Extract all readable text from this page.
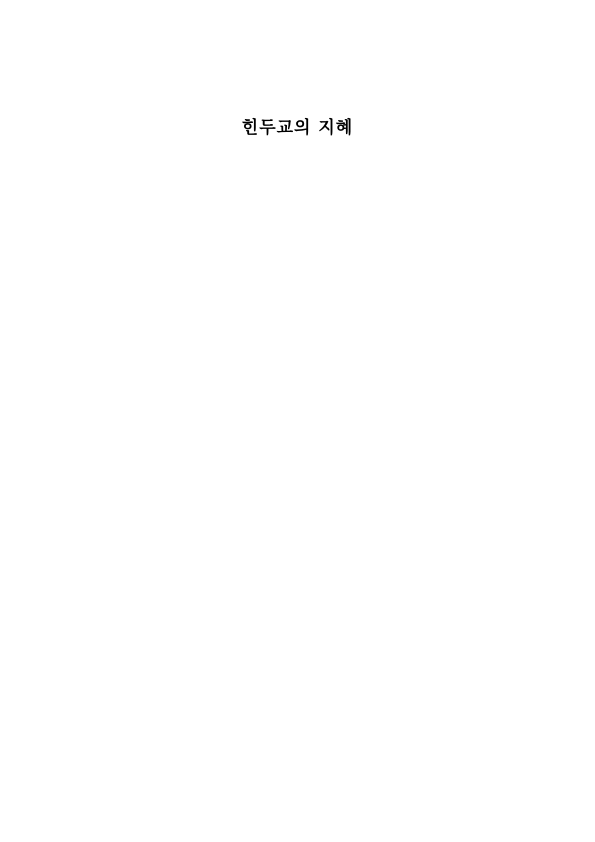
힌두교의 지혜
